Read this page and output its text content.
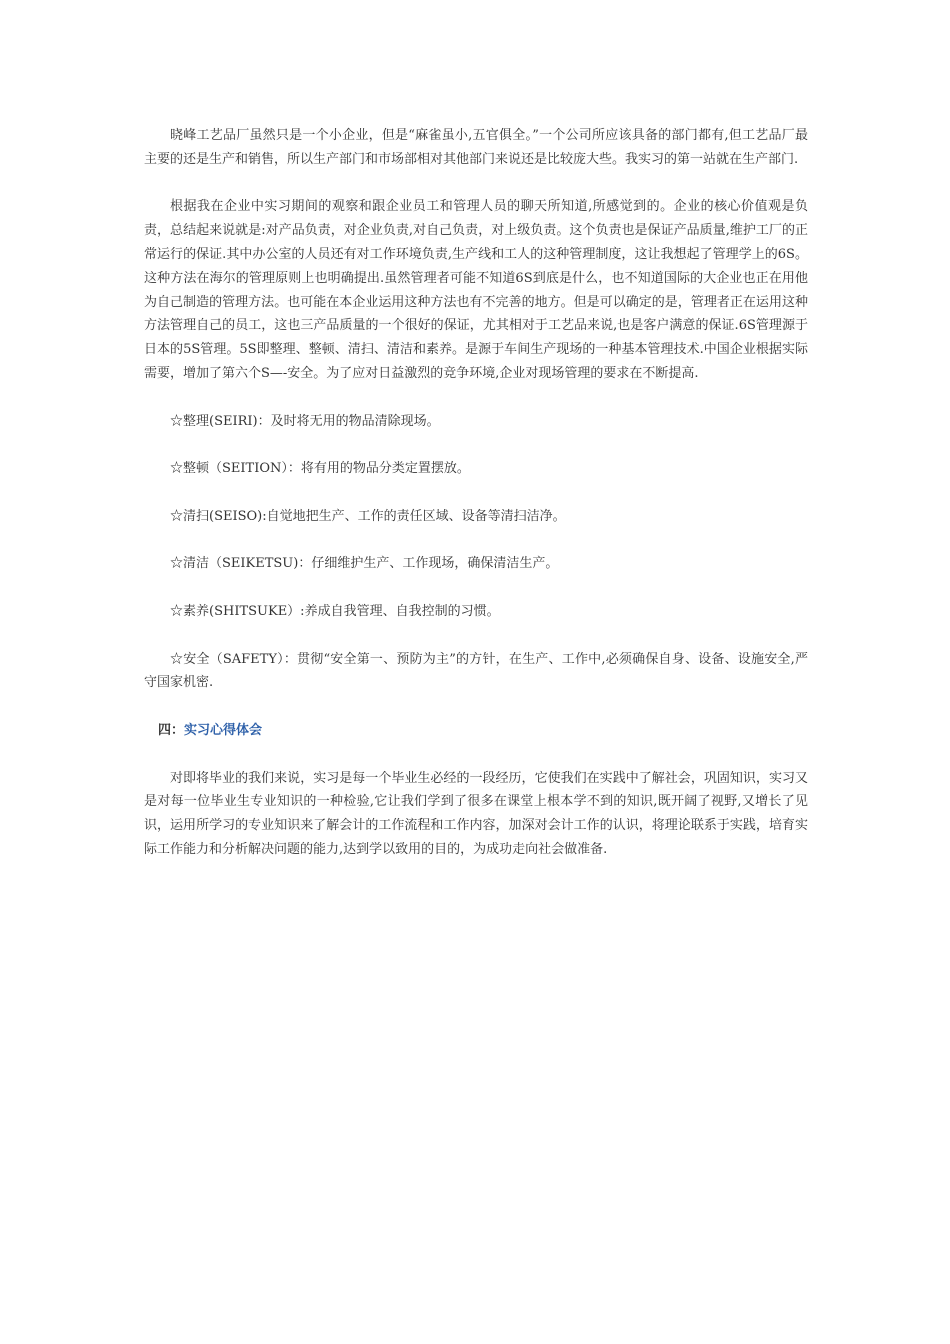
晓峰工艺品厂虽然只是一个小企业，但是“麻雀虽小,五官俱全。”一个公司所应该具备的部门都有,但工艺品厂最主要的还是生产和销售，所以生产部门和市场部相对其他部门来说还是比较庞大些。我实习的第一站就在生产部门.

根据我在企业中实习期间的观察和跟企业员工和管理人员的聊天所知道,所感觉到的。企业的核心价值观是负责，总结起来说就是:对产品负责，对企业负责,对自己负责，对上级负责。这个负责也是保证产品质量,维护工厂的正常运行的保证.其中办公室的人员还有对工作环境负责,生产线和工人的这种管理制度，这让我想起了管理学上的6S。这种方法在海尔的管理原则上也明确提出.虽然管理者可能不知道6S到底是什么，也不知道国际的大企业也正在用他为自己制造的管理方法。也可能在本企业运用这种方法也有不完善的地方。但是可以确定的是，管理者正在运用这种方法管理自己的员工，这也三产品质量的一个很好的保证，尤其相对于工艺品来说,也是客户满意的保证.6S管理源于日本的5S管理。5S即整理、整顿、清扫、清洁和素养。是源于车间生产现场的一种基本管理技术.中国企业根据实际需要，增加了第六个S—-安全。为了应对日益激烈的竞争环境,企业对现场管理的要求在不断提高.

☆整理(SEIRI)：及时将无用的物品清除现场。

☆整顿（SEITION）：将有用的物品分类定置摆放。

☆清扫(SEISO):自觉地把生产、工作的责任区域、设备等清扫洁净。

☆清洁（SEIKETSU)：仔细维护生产、工作现场，确保清洁生产。

☆素养(SHITSUKE）:养成自我管理、自我控制的习惯。

☆安全（SAFETY）：贯彻“安全第一、预防为主”的方针，在生产、工作中,必须确保自身、设备、设施安全,严守国家机密.

四：实习心得体会

对即将毕业的我们来说，实习是每一个毕业生必经的一段经历，它使我们在实践中了解社会，巩固知识，实习又是对每一位毕业生专业知识的一种检验,它让我们学到了很多在课堂上根本学不到的知识,既开阔了视野,又增长了见识，运用所学习的专业知识来了解会计的工作流程和工作内容，加深对会计工作的认识，将理论联系于实践，培育实际工作能力和分析解决问题的能力,达到学以致用的目的，为成功走向社会做准备.
